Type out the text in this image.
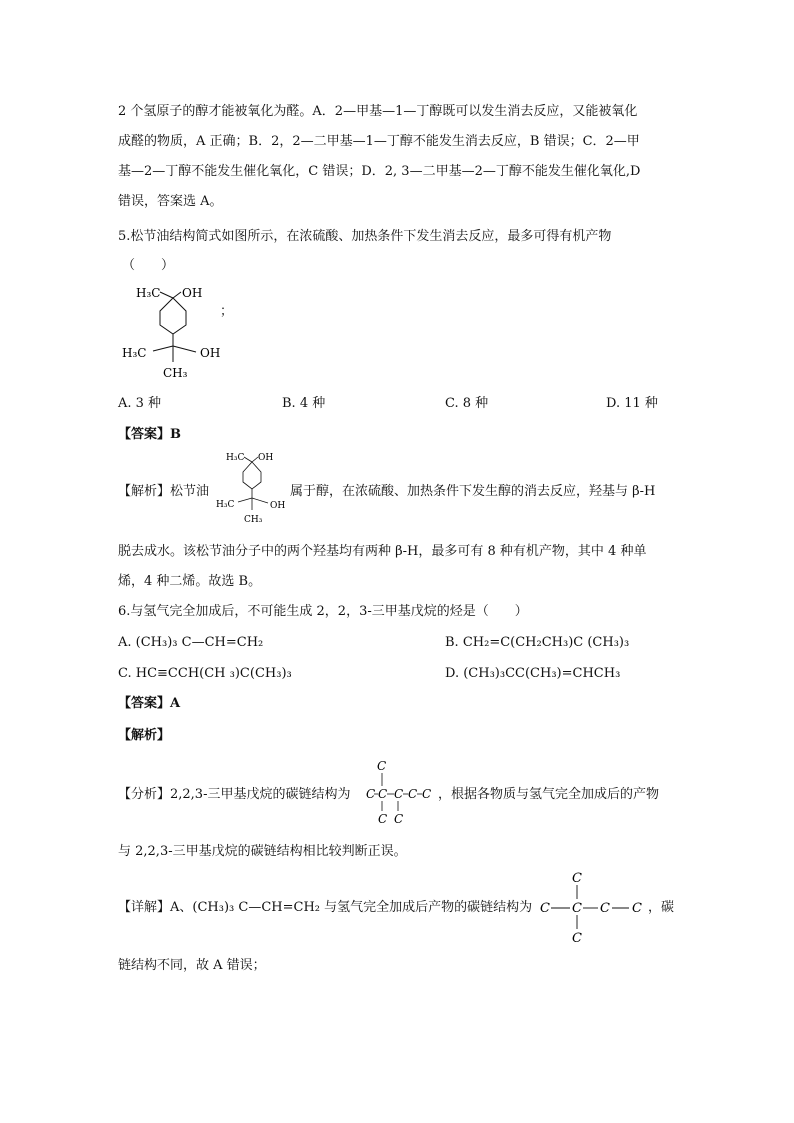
2 个氢原子的醇才能被氧化为醛。A．2—甲基—1—丁醇既可以发生消去反应，又能被氧化
成醛的物质，A 正确；B．2，2—二甲基—1—丁醇不能发生消去反应，B 错误；C．2—甲
基—2—丁醇不能发生催化氧化，C 错误；D．2, 3—二甲基—2—丁醇不能发生催化氧化,D
错误，答案选 A。
5.松节油结构简式如图所示，在浓硫酸、加热条件下发生消去反应，最多可得有机产物
（　　）
H₃C OH
H₃C	OH
CH₃
；
A. 3 种	B. 4 种	C. 8 种	D. 11 种
【答案】B
【解析】松节油
H₃C OH
H₃C	OH
CH₃
属于醇，在浓硫酸、加热条件下发生醇的消去反应，羟基与 β-H
脱去成水。该松节油分子中的两个羟基均有两种 β-H，最多可有 8 种有机产物，其中 4 种单
烯，4 种二烯。故选 B。
6.与氢气完全加成后，不可能生成 2，2，3-三甲基戊烷的烃是（　　）
A. (CH₃)₃ C—CH=CH₂	B. CH₂=C(CH₂CH₃)C (CH₃)₃
C. HC≡CCH(CH ₃)C(CH₃)₃	D. (CH₃)₃CC(CH₃)=CHCH₃
【答案】A
【解析】
【分析】2,2,3-三甲基戊烷的碳链结构为
C
C C C C C
C C
，根据各物质与氢气完全加成后的产物
与 2,2,3-三甲基戊烷的碳链结构相比较判断正误。
【详解】A、(CH₃)₃ C—CH=CH₂ 与氢气完全加成后产物的碳链结构为
C
C C C C
C
，碳
链结构不同，故 A 错误；
